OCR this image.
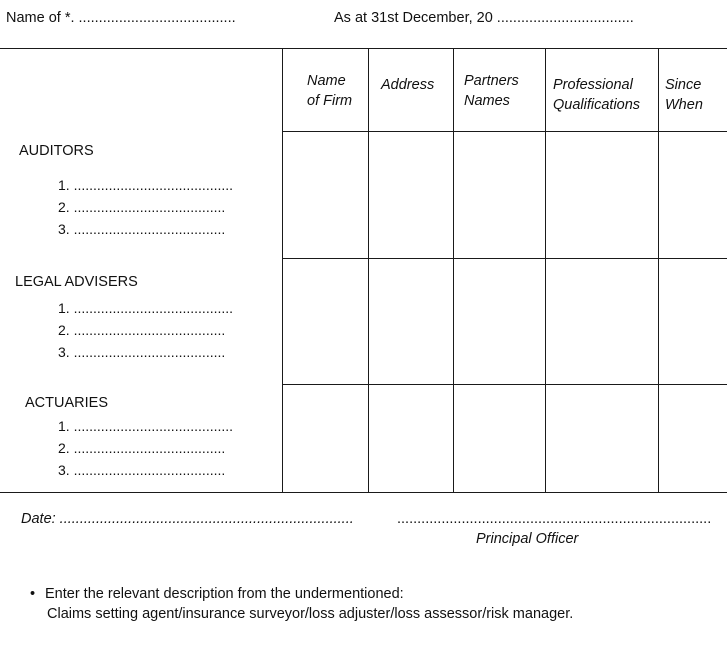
Name of *. .......................................	As at 31st December, 20 ..................................
Name
of Firm
Address Partners
Names
Professional
Qualifications
Since
When
AUDITORS
1. .........................................
2. .......................................
3. .......................................
LEGAL ADVISERS
1. .........................................
2. .......................................
3. .......................................
ACTUARIES
1. .........................................
2. .......................................
3. .......................................
Date: .........................................................................	..............................................................................
Principal Officer
• Enter the relevant description from the undermentioned:
Claims setting agent/insurance surveyor/loss adjuster/loss assessor/risk manager.
